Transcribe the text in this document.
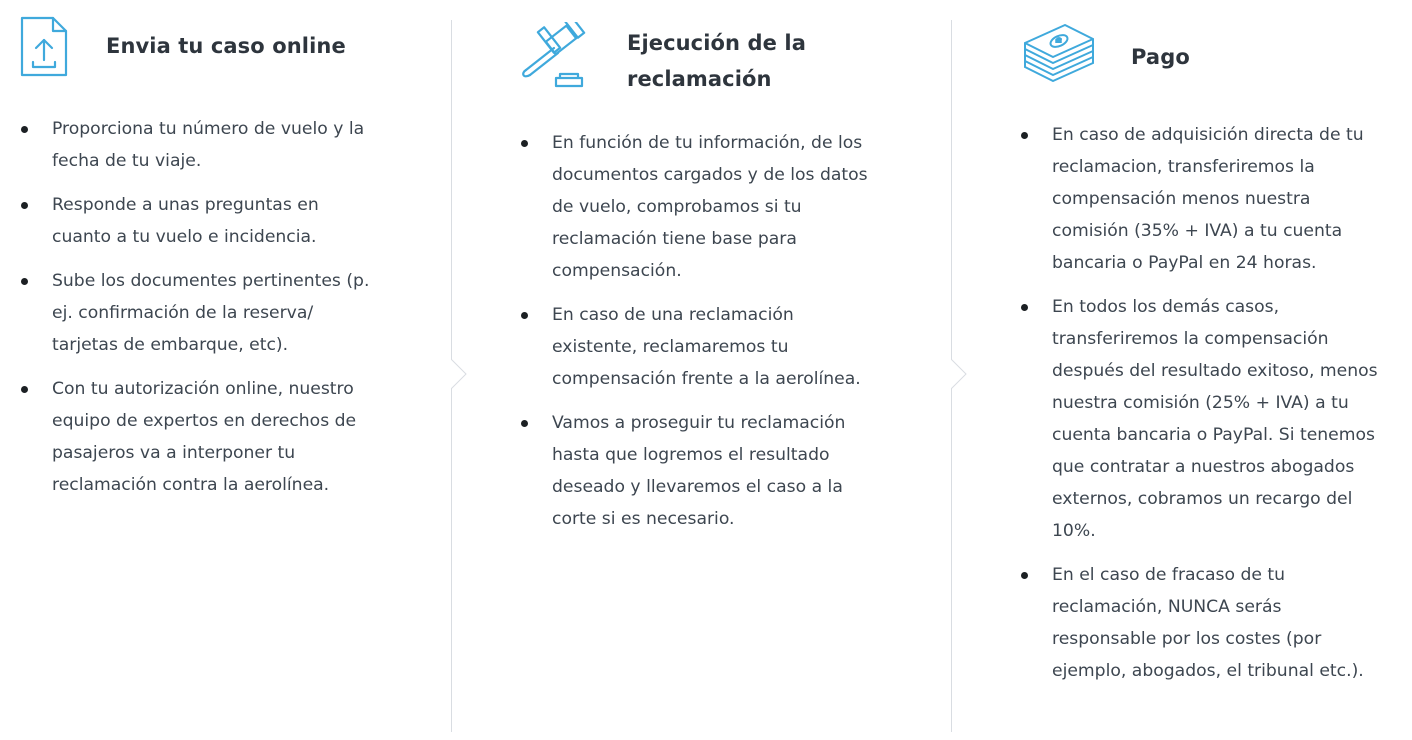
Envia tu caso online
Proporciona tu número de vuelo y la fecha de tu viaje.
Responde a unas preguntas en cuanto a tu vuelo e incidencia.
Sube los documentes pertinentes (p. ej. confirmación de la reserva/ tarjetas de embarque, etc).
Con tu autorización online, nuestro equipo de expertos en derechos de pasajeros va a interponer tu reclamación contra la aerolínea.
Ejecución de la reclamación
En función de tu información, de los documentos cargados y de los datos de vuelo, comprobamos si tu reclamación tiene base para compensación.
En caso de una reclamación existente, reclamaremos tu compensación frente a la aerolínea.
Vamos a proseguir tu reclamación hasta que logremos el resultado deseado y llevaremos el caso a la corte si es necesario.
Pago
En caso de adquisición directa de tu reclamacion, transferiremos la compensación menos nuestra comisión (35% + IVA) a tu cuenta bancaria o PayPal en 24 horas.
En todos los demás casos, transferiremos la compensación después del resultado exitoso, menos nuestra comisión (25% + IVA) a tu cuenta bancaria o PayPal. Si tenemos que contratar a nuestros abogados externos, cobramos un recargo del 10%.
En el caso de fracaso de tu reclamación, NUNCA serás responsable por los costes (por ejemplo, abogados, el tribunal etc.).
